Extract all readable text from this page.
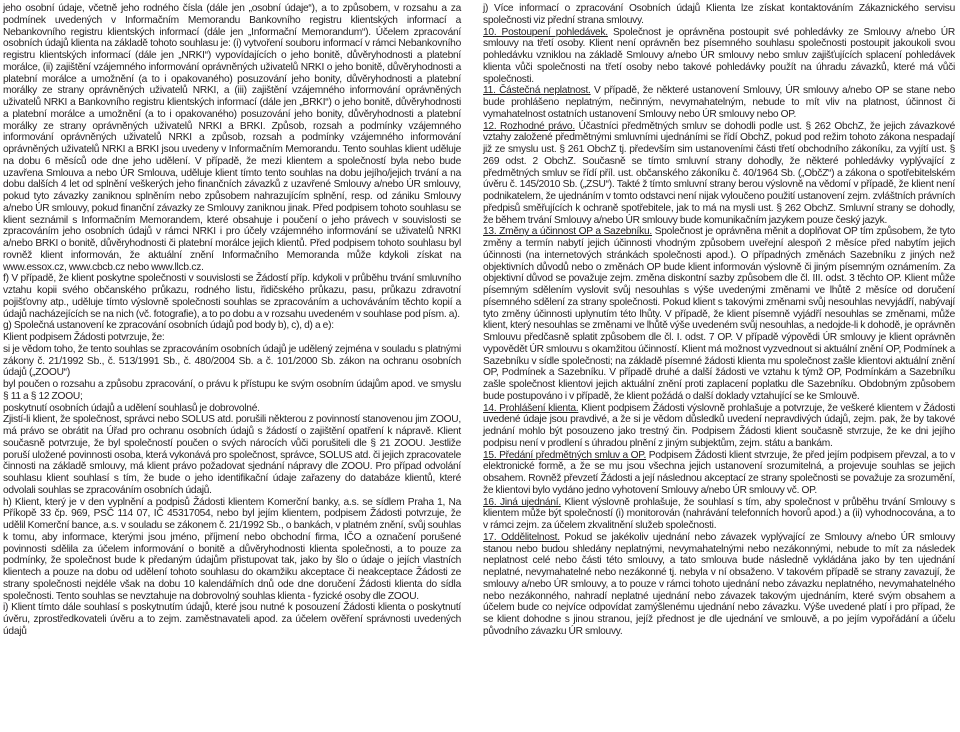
jeho osobní údaje, včetně jeho rodného čísla (dále jen „osobní údaje“), a to způsobem, v rozsahu a za podmínek uvedených v Informačním Memorandu Bankovního registru klientských informací a Nebankovního registru klientských informací (dále jen „Informační Memorandum“). Účelem zpracování osobních údajů klienta na základě tohoto souhlasu je: (i) vytvoření souboru informací v rámci Nebankovního registru klientských informací (dále jen „NRKI“) vypovídajících o jeho bonitě, důvěryhodnosti a platební morálce, (ii) zajištění vzájemného informování oprávněných uživatelů NRKI o jeho bonitě, důvěryhodnosti a platební morálce a umožnění (a to i opakovaného) posuzování jeho bonity, důvěryhodnosti a platební morálky ze strany oprávněných uživatelů NRKI, a (iii) zajištění vzájemného informování oprávněných uživatelů NRKI a Bankovního registru klientských informací (dále jen „BRKI“) o jeho bonitě, důvěryhodnosti a platební morálce a umožnění (a to i opakovaného) posuzování jeho bonity, důvěryhodnosti a platební morálky ze strany oprávněných uživatelů NRKI a BRKI. Způsob, rozsah a podmínky vzájemného informování oprávněných uživatelů NRKI a způsob, rozsah a podmínky vzájemného informování oprávněných uživatelů NRKI a BRKI jsou uvedeny v Informačním Memorandu. Tento souhlas klient uděluje na dobu 6 měsíců ode dne jeho udělení. V případě, že mezi klientem a společností byla nebo bude uzavřena Smlouva a nebo ÚR Smlouva, uděluje klient tímto tento souhlas na dobu jejího/jejich trvání a na dobu dalších 4 let od splnění veškerých jeho finančních závazků z uzavřené Smlouvy a/nebo ÚR smlouvy, pokud tyto závazky zaniknou splněním nebo způsobem nahrazujícím splnění, resp. od zániku Smlouvy a/nebo ÚR smlouvy, pokud finanční závazky ze Smlouvy zaniknou jinak. Před podpisem tohoto souhlasu se klient seznámil s Informačním Memorandem, které obsahuje i poučení o jeho právech v souvislosti se zpracováním jeho osobních údajů v rámci NRKI i pro účely vzájemného informování se uživatelů NRKI a/nebo BRKI o bonitě, důvěryhodnosti či platební morálce jejich klientů. Před podpisem tohoto souhlasu byl rovněž klient informován, že aktuální znění Informačního Memoranda může kdykoli získat na www.essox.cz, www.cbcb.cz nebo www.llcb.cz.

f) V případě, že klient poskytne společnosti v souvislosti se Žádostí příp. kdykoli v průběhu trvání smluvního vztahu kopii svého občanského průkazu, rodného listu, řidičského průkazu, pasu, průkazu zdravotní pojišťovny atp., uděluje tímto výslovně společnosti souhlas se zpracováním a uchováváním těchto kopií a údajů nacházejících se na nich (vč. fotografie), a to po dobu a v rozsahu uvedeném v souhlase pod písm. a).

g) Společná ustanovení ke zpracování osobních údajů pod body b), c), d) a e):

Klient podpisem Žádosti potvrzuje, že:

si je vědom toho, že tento souhlas se zpracováním osobních údajů je udělený zejména v souladu s platnými zákony č. 21/1992 Sb., č. 513/1991 Sb., č. 480/2004 Sb. a č. 101/2000 Sb. zákon na ochranu osobních údajů („ZOOU“)

byl poučen o rozsahu a způsobu zpracování, o právu k přístupu ke svým osobním údajům apod. ve smyslu § 11 a § 12 ZOOU;

poskytnutí osobních údajů a udělení souhlasů je dobrovolné.

Zjistí-li klient, že společnost, správci nebo SOLUS atd. porušili některou z povinností stanovenou jim ZOOU, má právo se obrátit na Úřad pro ochranu osobních údajů s žádostí o zajištění opatření k nápravě. Klient současně potvrzuje, že byl společností poučen o svých nárocích vůči porušiteli dle § 21 ZOOU. Jestliže poruší uložené povinnosti osoba, která vykonává pro společnost, správce, SOLUS atd. či jejich zpracovatele činnosti na základě smlouvy, má klient právo požadovat sjednání nápravy dle ZOOU. Pro případ odvolání souhlasu klient souhlasí s tím, že bude o jeho identifikační údaje zařazeny do databáze klientů, které odvolali souhlas se zpracováním osobních údajů.

h) Klient, který je v den vyplnění a podpisů Žádosti klientem Komerční banky, a.s. se sídlem Praha 1, Na Příkopě 33 čp. 969, PSČ 114 07, IČ 45317054, nebo byl jejím klientem, podpisem Žádosti potvrzuje, že udělil Komerční bance, a.s. v souladu se zákonem č. 21/1992 Sb., o bankách, v platném znění, svůj souhlas k tomu, aby informace, kterými jsou jméno, příjmení nebo obchodní firma, IČO a označení porušené povinnosti sdělila za účelem informování o bonitě a důvěryhodnosti klienta společnosti, a to pouze za podmínky, že společnost bude k předaným údajům přistupovat tak, jako by šlo o údaje o jejích vlastních klientech a pouze na dobu od udělení tohoto souhlasu do okamžiku akceptace či neakceptace Žádosti ze strany společnosti nejdéle však na dobu 10 kalendářních dnů ode dne doručení Žádosti klienta do sídla společnosti. Tento souhlas se nevztahuje na dobrovolný souhlas klienta - fyzické osoby dle ZOOU.

i) Klient tímto dále souhlasí s poskytnutím údajů, které jsou nutné k posouzení Žádosti klienta o poskytnutí úvěru, zprostředkovateli úvěru a to zejm. zaměstnavateli apod. za účelem ověření správnosti uvedených údajů

j) Více informací o zpracování Osobních údajů Klienta lze získat kontaktováním Zákaznického servisu společnosti viz přední strana smlouvy.

10. Postoupení pohledávek. Společnost je oprávněna postoupit své pohledávky ze Smlouvy a/nebo ÚR smlouvy na třetí osoby. Klient není oprávněn bez písemného souhlasu společnosti postoupit jakoukoli svou pohledávku vzniklou na základě Smlouvy a/nebo ÚR smlouvy nebo smluv zajišťujících splacení pohledávek klienta vůči společnosti na třetí osoby nebo takové pohledávky použít na úhradu závazků, které má vůči společnosti.

11. Částečná neplatnost. V případě, že některé ustanovení Smlouvy, ÚR smlouvy a/nebo OP se stane nebo bude prohlášeno neplatným, nečinným, nevymahatelným, nebude to mít vliv na platnost, účinnost či vymahatelnost ostatních ustanovení Smlouvy nebo ÚR smlouvy nebo OP.

12. Rozhodné právo. Účastníci předmětných smluv se dohodli podle ust. § 262 ObchZ, že jejich závazkové vztahy založené předmětnými smluvními ujednáními se řídí ObchZ, pokud pod režim tohoto zákona nespadají již ze smyslu ust. § 261 ObchZ tj. především sim ustanoveními části třetí obchodního zákoníku, za vyjítí ust. § 269 odst. 2 ObchZ. Současně se tímto smluvní strany dohodly, že některé pohledávky vyplývající z předmětných smluv se řídí příl. ust. občanského zákoníku č. 40/1964 Sb. („ObčZ“) a zákona o spotřebitelském úvěru č. 145/2010 Sb. („ZSU“). Takté ž tímto smluvní strany berou výslovně na vědomí v případě, že klient není podnikatelem, že ujednáním v tomto odstavci není nijak vyloučeno použití ustanovení zejm. zvláštních právních předpisů směřujících k ochraně spotřebitele, jak to má na mysli ust. § 262 ObchZ. Smluvní strany se dohodly, že během trvání Smlouvy a/nebo ÚR smlouvy bude komunikačním jazykem pouze český jazyk.

13. Změny a účinnost OP a Sazebníku. Společnost je oprávněna měnit a doplňovat OP tím způsobem, že tyto změny a termín nabytí jejich účinnosti vhodným způsobem uveřejní alespoň 2 měsíce před nabytím jejich účinnosti (na internetových stránkách společnosti apod.). O případných změnách Sazebníku z jiných než objektivních důvodů nebo o změnách OP bude klient informován výslovně či jiným písemným oznámením. Za objektivní důvod se považuje zejm. změna diskontní sazby způsobem dle čl. III. odst. 3 těchto OP. Klient může písemným sdělením vyslovit svůj nesouhlas s výše uvedenými změnami ve lhůtě 2 měsíce od doručení písemného sdělení za strany společnosti. Pokud klient s takovými změnami svůj nesouhlas nevyjádří, nabývají tyto změny účinnosti uplynutím této lhůty. V případě, že klient písemně vyjádří nesouhlas se změnami, může klient, který nesouhlas se změnami ve lhůtě výše uvedeném svůj nesouhlas, a nedojde-li k dohodě, je oprávněn Smlouvu předčasně splatit způsobem dle čl. I. odst. 7 OP. V případě výpovědi ÚR smlouvy je klient oprávněn vypovědět ÚR smlouvu s okamžitou účinností. Klient má možnost vyzvednout si aktuální znění OP, Podmínek a Sazebníku v sídle společnosti; na základě písemné žádosti klienta mu společnost zašle klientovi aktuální znění OP, Podmínek a Sazebníku. V případě druhé a další žádosti ve vztahu k týmž OP, Podmínkám a Sazebníku zašle společnost klientovi jejich aktuální znění proti zaplacení poplatku dle Sazebníku. Obdobným způsobem bude postupováno i v případě, že klient požádá o další doklady vztahující se ke Smlouvě.

14. Prohlášení klienta. Klient podpisem Žádosti výslovně prohlašuje a potvrzuje, že veškeré klientem v Žádosti uvedené údaje jsou pravdivé, a že si je vědom důsledků uvedení nepravdivých údajů, zejm. pak, že by takové jednání mohlo být posouzeno jako trestný čin. Podpisem Žádosti klient současně stvrzuje, že ke dni jejího podpisu není v prodlení s úhradou plnění z jiným subjektům, zejm. státu a bankám.

15. Předání předmětných smluv a OP. Podpisem Žádosti klient stvrzuje, že před jejím podpisem převzal, a to v elektronické formě, a že se mu jsou všechna jejich ustanovení srozumitelná, a projevuje souhlas se jejich obsahem. Rovněž převzetí Žádosti a její následnou akceptací ze strany společnosti se považuje za srozumění, že klientovi bylo vydáno jedno vyhotovení Smlouvy a/nebo ÚR smlouvy vč. OP.

16. Jiná ujednání. Klient výslovně prohlašuje, že souhlasí s tím, aby společnost v průběhu trvání Smlouvy s klientem může být společností (i) monitorován (nahrávání telefonních hovorů apod.) a (ii) vyhodnocována, a to v rámci zejm. za účelem zkvalitnění služeb společnosti.

17. Oddělitelnost. Pokud se jakékoliv ujednání nebo závazek vyplývající ze Smlouvy a/nebo ÚR smlouvy stanou nebo budou shledány neplatnými, nevymahatelnými nebo nezákonnými, nebude to mít za následek neplatnost celé nebo části této smlouvy, a tato smlouva bude následně vykládána jako by ten ujednání neplatné, nevymahatelné nebo nezákonné tj. nebyla v ní obsaženo. V takovém případě se strany zavazují, že smlouvy a/nebo ÚR smlouvy, a to pouze v rámci tohoto ujednání nebo závazku neplatného, nevymahatelného nebo nezákonného, nahradí neplatné ujednání nebo závazek takovým ujednáním, které svým obsahem a účelem bude co nejvíce odpovídat zamýšlenému ujednání nebo závazku. Výše uvedené platí i pro případ, že se klient dohodne s jinou stranou, jejíž přednost je dle ujednání ve smlouvě, a po jejím vypořádání a účelu původního závazku ÚR smlouvy.
